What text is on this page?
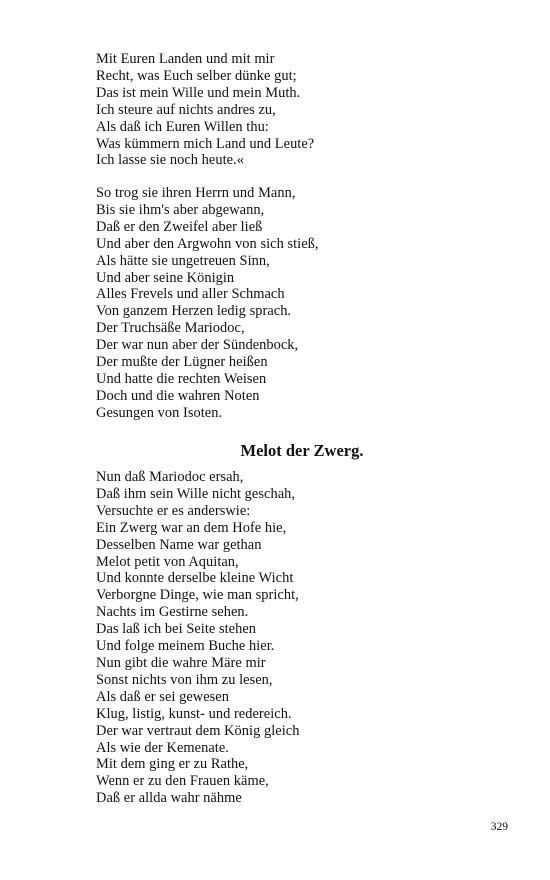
Mit Euren Landen und mit mir
Recht, was Euch selber dünke gut;
Das ist mein Wille und mein Muth.
Ich steure auf nichts andres zu,
Als daß ich Euren Willen thu:
Was kümmern mich Land und Leute?
Ich lasse sie noch heute.«
So trog sie ihren Herrn und Mann,
Bis sie ihm's aber abgewann,
Daß er den Zweifel aber ließ
Und aber den Argwohn von sich stieß,
Als hätte sie ungetreuen Sinn,
Und aber seine Königin
Alles Frevels und aller Schmach
Von ganzem Herzen ledig sprach.
Der Truchsäße Mariodoc,
Der war nun aber der Sündenbock,
Der mußte der Lügner heißen
Und hatte die rechten Weisen
Doch und die wahren Noten
Gesungen von Isoten.
Melot der Zwerg.
Nun daß Mariodoc ersah,
Daß ihm sein Wille nicht geschah,
Versuchte er es anderswie:
Ein Zwerg war an dem Hofe hie,
Desselben Name war gethan
Melot petit von Aquitan,
Und konnte derselbe kleine Wicht
Verborgne Dinge, wie man spricht,
Nachts im Gestirne sehen.
Das laß ich bei Seite stehen
Und folge meinem Buche hier.
Nun gibt die wahre Märe mir
Sonst nichts von ihm zu lesen,
Als daß er sei gewesen
Klug, listig, kunst- und redereich.
Der war vertraut dem König gleich
Als wie der Kemenate.
Mit dem ging er zu Rathe,
Wenn er zu den Frauen käme,
Daß er allda wahr nähme
329
